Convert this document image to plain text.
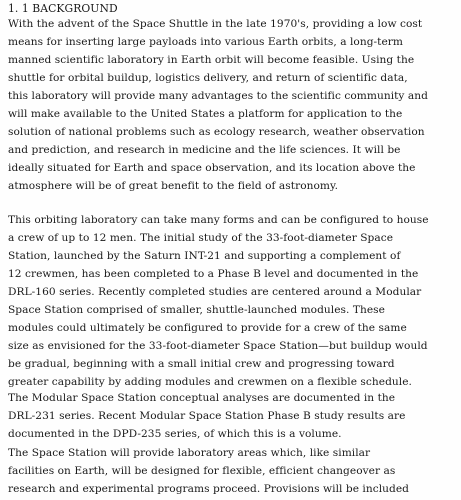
1. 1 BACKGROUND
With the advent of the Space Shuttle in the late 1970's, providing a low cost
means for inserting large payloads into various Earth orbits, a long-term
manned scientific laboratory in Earth orbit will become feasible. Using the
shuttle for orbital buildup, logistics delivery, and return of scientific data,
this laboratory will provide many advantages to the scientific community and
will make available to the United States a platform for application to the
solution of national problems such as ecology research, weather observation
and prediction, and research in medicine and the life sciences. It will be
ideally situated for Earth and space observation, and its location above the
atmosphere will be of great benefit to the field of astronomy.
This orbiting laboratory can take many forms and can be configured to house
a crew of up to 12 men. The initial study of the 33-foot-diameter Space
Station, launched by the Saturn INT-21 and supporting a complement of
12 crewmen, has been completed to a Phase B level and documented in the
DRL-160 series. Recently completed studies are centered around a Modular
Space Station comprised of smaller, shuttle-launched modules. These
modules could ultimately be configured to provide for a crew of the same
size as envisioned for the 33-foot-diameter Space Station—but buildup would
be gradual, beginning with a small initial crew and progressing toward
greater capability by adding modules and crewmen on a flexible schedule.
The Modular Space Station conceptual analyses are documented in the
DRL-231 series. Recent Modular Space Station Phase B study results are
documented in the DPD-235 series, of which this is a volume.
The Space Station will provide laboratory areas which, like similar
facilities on Earth, will be designed for flexible, efficient changeover as
research and experimental programs proceed. Provisions will be included
